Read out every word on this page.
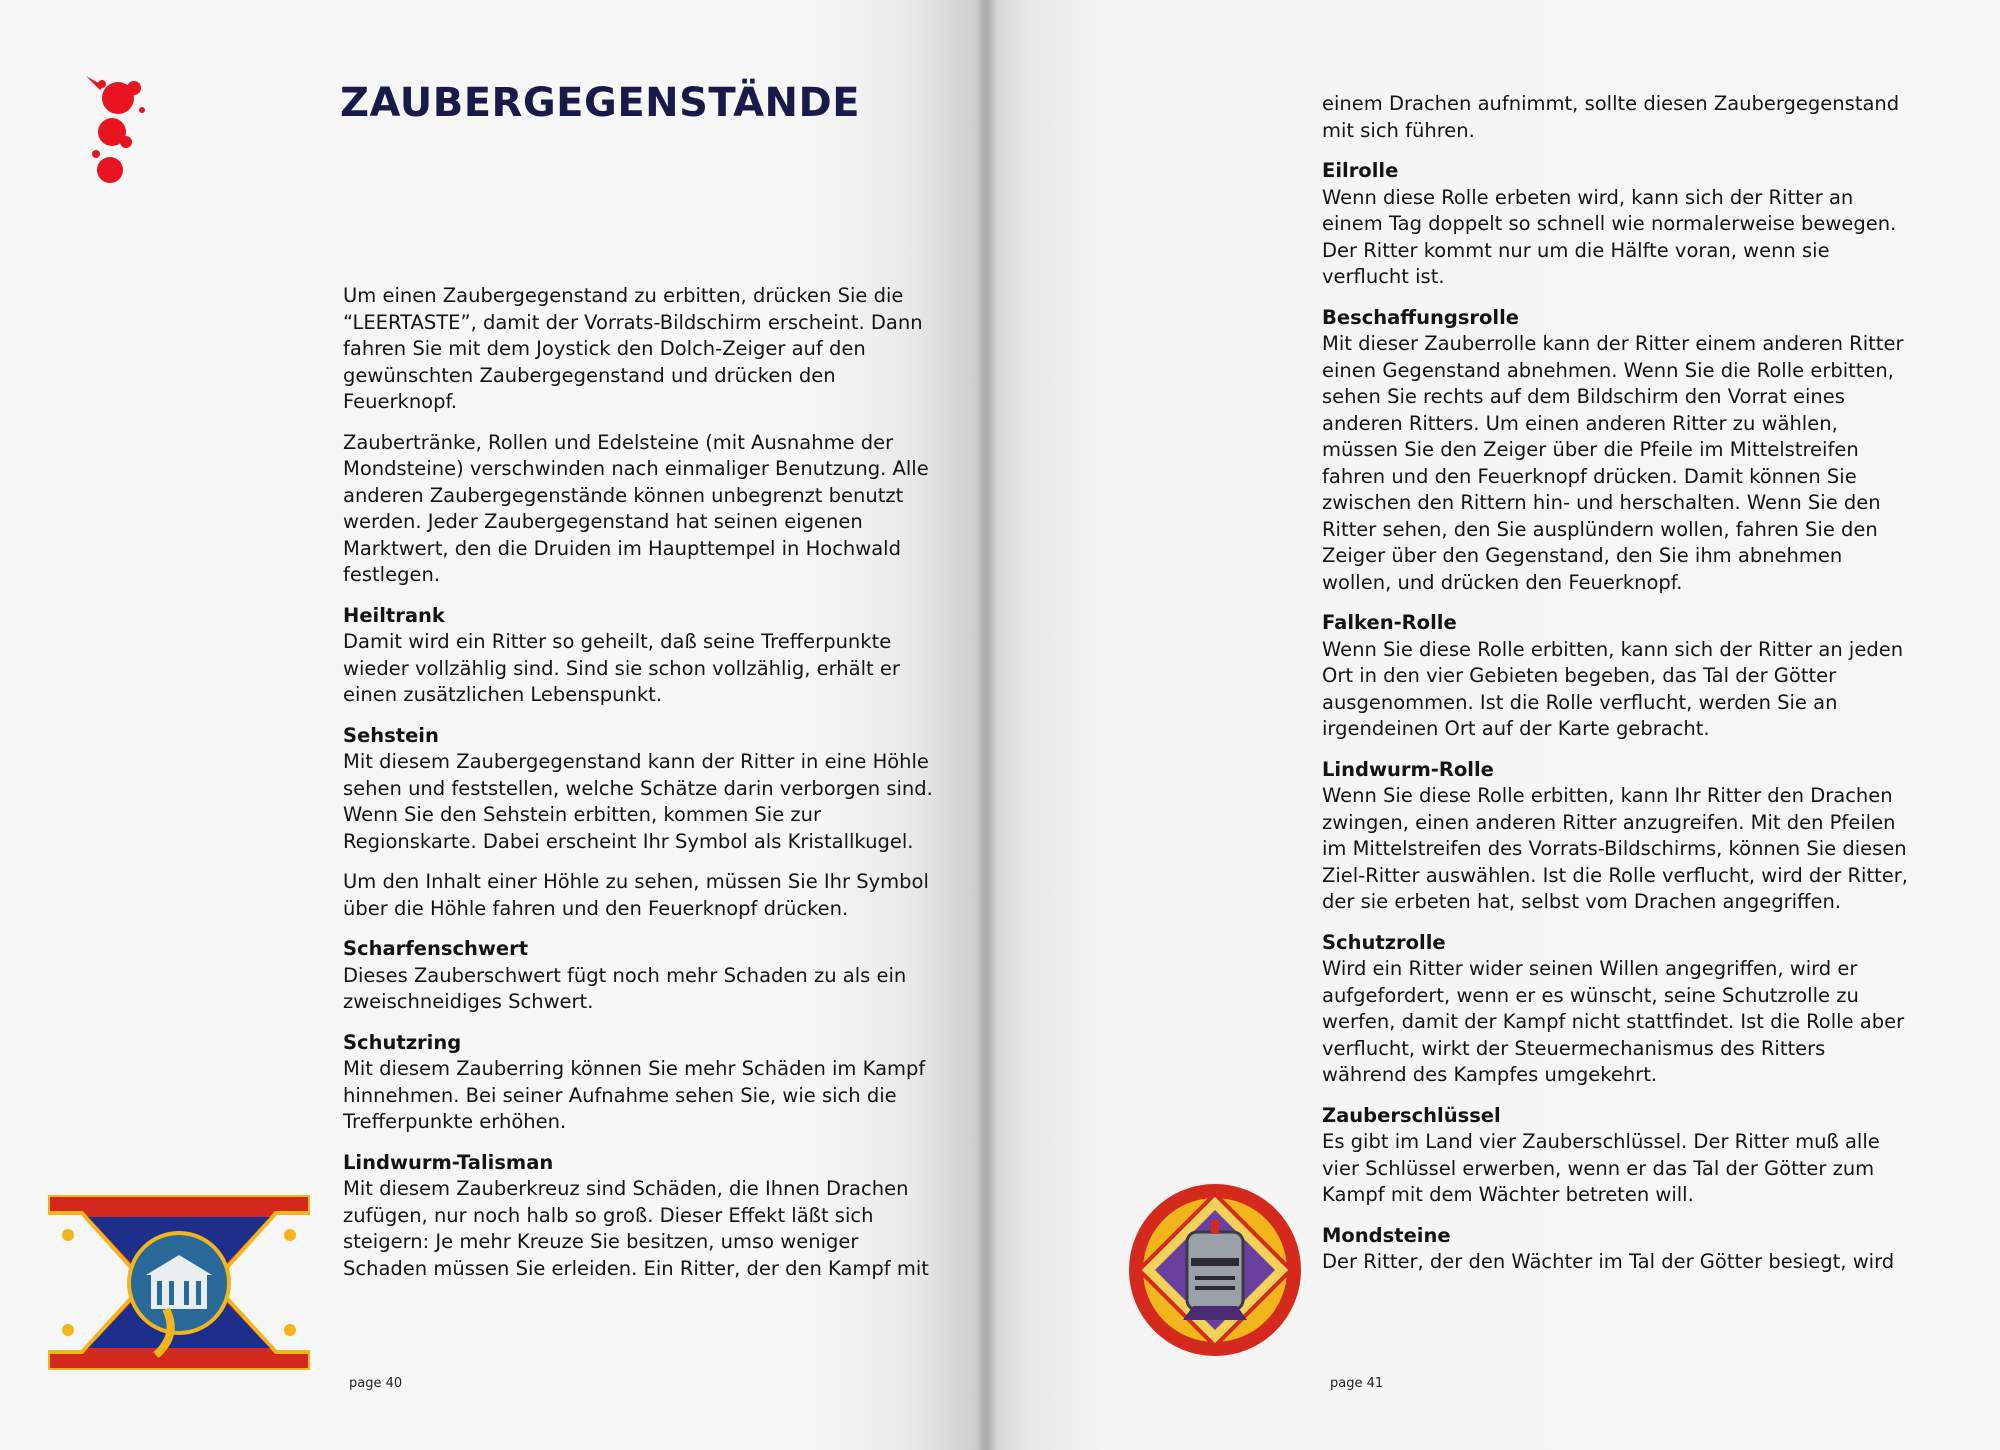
ZAUBERGEGENSTÄNDE

Um einen Zaubergegenstand zu erbitten, drücken Sie die “LEERTASTE”, damit der Vorrats-Bildschirm erscheint. Dann fahren Sie mit dem Joystick den Dolch-Zeiger auf den gewünschten Zaubergegenstand und drücken den Feuerknopf.

Zaubertränke, Rollen und Edelsteine (mit Ausnahme der Mondsteine) verschwinden nach einmaliger Benutzung. Alle anderen Zaubergegenstände können unbegrenzt benutzt werden. Jeder Zaubergegenstand hat seinen eigenen Marktwert, den die Druiden im Haupttempel in Hochwald festlegen.

Heiltrank

Damit wird ein Ritter so geheilt, daß seine Trefferpunkte wieder vollzählig sind. Sind sie schon vollzählig, erhält er einen zusätzlichen Lebenspunkt.

Sehstein

Mit diesem Zaubergegenstand kann der Ritter in eine Höhle sehen und feststellen, welche Schätze darin verborgen sind. Wenn Sie den Sehstein erbitten, kommen Sie zur Regionskarte. Dabei erscheint Ihr Symbol als Kristallkugel.

Um den Inhalt einer Höhle zu sehen, müssen Sie Ihr Symbol über die Höhle fahren und den Feuerknopf drücken.

Scharfenschwert

Dieses Zauberschwert fügt noch mehr Schaden zu als ein zweischneidiges Schwert.

Schutzring

Mit diesem Zauberring können Sie mehr Schäden im Kampf hinnehmen. Bei seiner Aufnahme sehen Sie, wie sich die Trefferpunkte erhöhen.

Lindwurm-Talisman

Mit diesem Zauberkreuz sind Schäden, die Ihnen Drachen zufügen, nur noch halb so groß. Dieser Effekt läßt sich steigern: Je mehr Kreuze Sie besitzen, umso weniger Schaden müssen Sie erleiden. Ein Ritter, der den Kampf mit

page 40

einem Drachen aufnimmt, sollte diesen Zaubergegenstand mit sich führen.

Eilrolle

Wenn diese Rolle erbeten wird, kann sich der Ritter an einem Tag doppelt so schnell wie normalerweise bewegen. Der Ritter kommt nur um die Hälfte voran, wenn sie verflucht ist.

Beschaffungsrolle

Mit dieser Zauberrolle kann der Ritter einem anderen Ritter einen Gegenstand abnehmen. Wenn Sie die Rolle erbitten, sehen Sie rechts auf dem Bildschirm den Vorrat eines anderen Ritters. Um einen anderen Ritter zu wählen, müssen Sie den Zeiger über die Pfeile im Mittelstreifen fahren und den Feuerknopf drücken. Damit können Sie zwischen den Rittern hin- und herschalten. Wenn Sie den Ritter sehen, den Sie ausplündern wollen, fahren Sie den Zeiger über den Gegenstand, den Sie ihm abnehmen wollen, und drücken den Feuerknopf.

Falken-Rolle

Wenn Sie diese Rolle erbitten, kann sich der Ritter an jeden Ort in den vier Gebieten begeben, das Tal der Götter ausgenommen. Ist die Rolle verflucht, werden Sie an irgendeinen Ort auf der Karte gebracht.

Lindwurm-Rolle

Wenn Sie diese Rolle erbitten, kann Ihr Ritter den Drachen zwingen, einen anderen Ritter anzugreifen. Mit den Pfeilen im Mittelstreifen des Vorrats-Bildschirms, können Sie diesen Ziel-Ritter auswählen. Ist die Rolle verflucht, wird der Ritter, der sie erbeten hat, selbst vom Drachen angegriffen.

Schutzrolle

Wird ein Ritter wider seinen Willen angegriffen, wird er aufgefordert, wenn er es wünscht, seine Schutzrolle zu werfen, damit der Kampf nicht stattfindet. Ist die Rolle aber verflucht, wirkt der Steuermechanismus des Ritters während des Kampfes umgekehrt.

Zauberschlüssel

Es gibt im Land vier Zauberschlüssel. Der Ritter muß alle vier Schlüssel erwerben, wenn er das Tal der Götter zum Kampf mit dem Wächter betreten will.

Mondsteine

Der Ritter, der den Wächter im Tal der Götter besiegt, wird

page 41
